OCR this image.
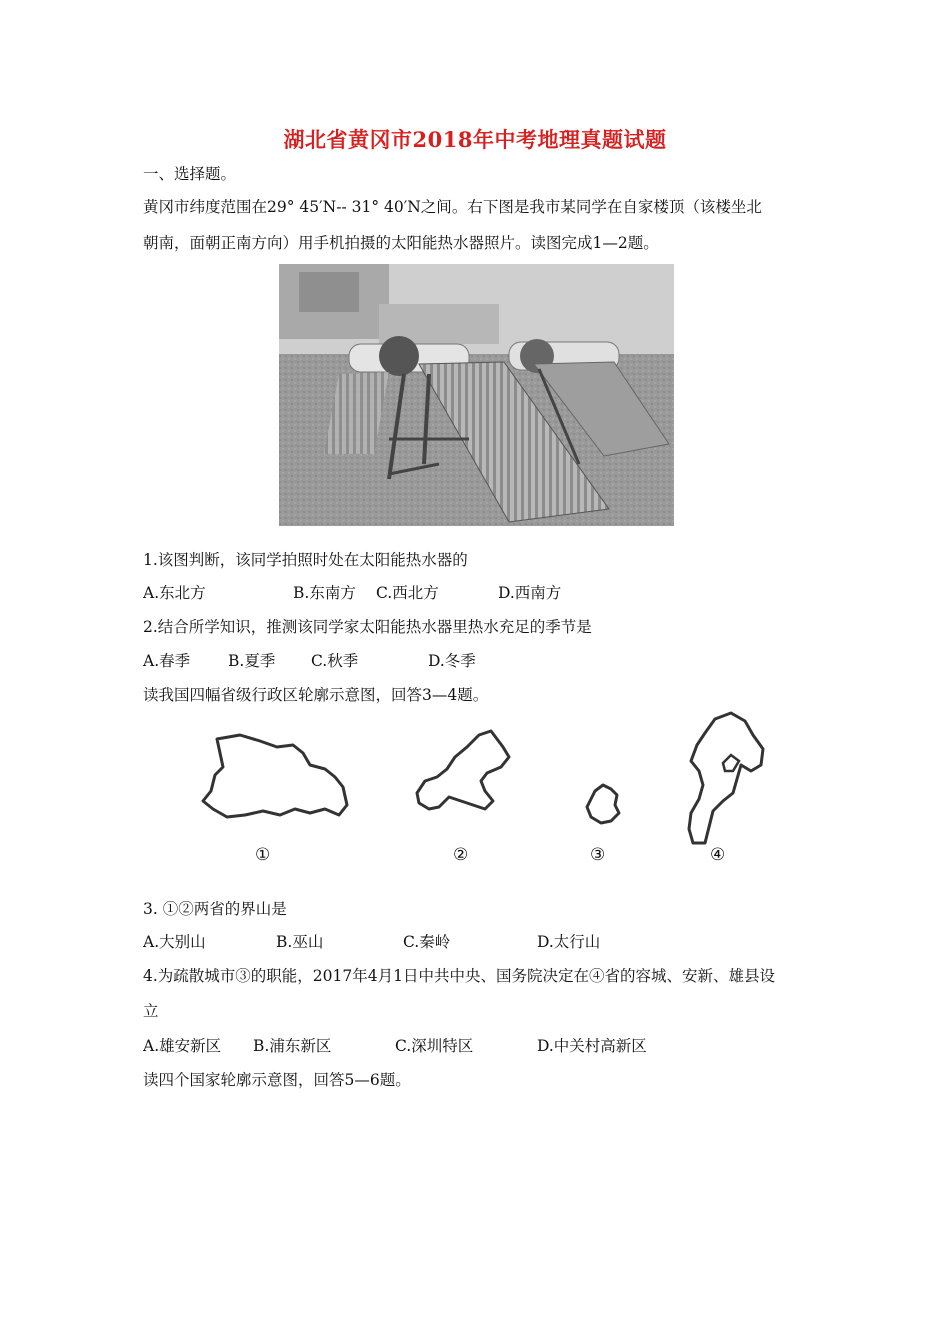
湖北省黄冈市2018年中考地理真题试题
一、选择题。
黄冈市纬度范围在29° 45′N-- 31° 40′N之间。右下图是我市某同学在自家楼顶（该楼坐北
朝南，面朝正南方向）用手机拍摄的太阳能热水器照片。读图完成1—2题。
1.该图判断，该同学拍照时处在太阳能热水器的
A.东北方	B.东南方 C.西北方	D.西南方
2.结合所学知识，推测该同学家太阳能热水器里热水充足的季节是
A.春季 B.夏季 C.秋季	D.冬季
读我国四幅省级行政区轮廓示意图，回答3—4题。
①	②	③	④
3. ①②两省的界山是
A.大别山	B.巫山	C.秦岭	D.太行山
4.为疏散城市③的职能，2017年4月1日中共中央、国务院决定在④省的容城、安新、雄县设
立
A.雄安新区 B.浦东新区	C.深圳特区	D.中关村高新区
读四个国家轮廓示意图，回答5—6题。
